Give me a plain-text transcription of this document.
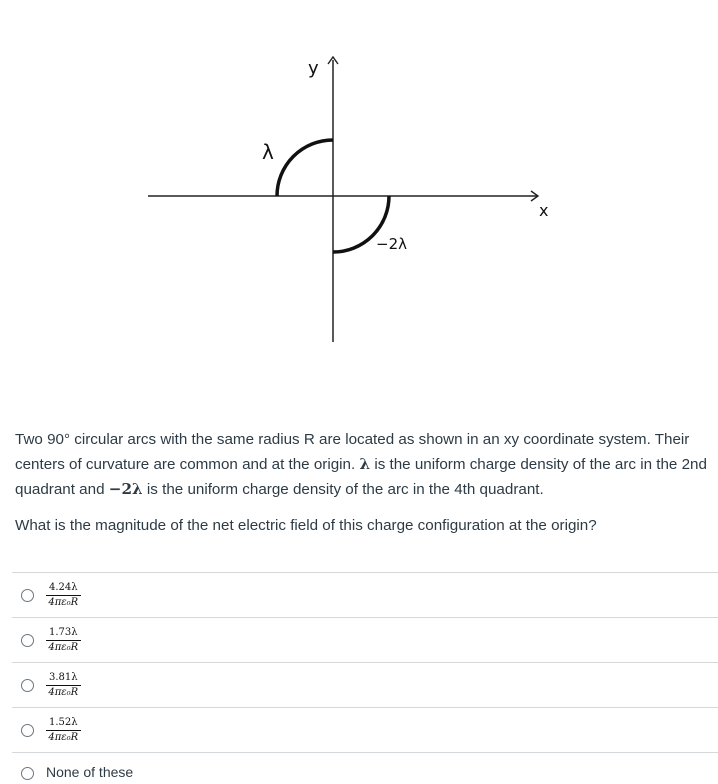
y
x
λ
−2λ

Two 90° circular arcs with the same radius R are located as shown in an xy coordinate system. Their centers of curvature are common and at the origin. λ is the uniform charge density of the arc in the 2nd quadrant and −2λ is the uniform charge density of the arc in the 4th quadrant.

What is the magnitude of the net electric field of this charge configuration at the origin?

$\frac{4.24\lambda}{\text{4πε₀R}}$
$\frac{1.73\lambda}{\text{4πε₀R}}$
$\frac{3.81\lambda}{\text{4πε₀R}}$
$\frac{1.52\lambda}{\text{4πε₀R}}$
None of these
